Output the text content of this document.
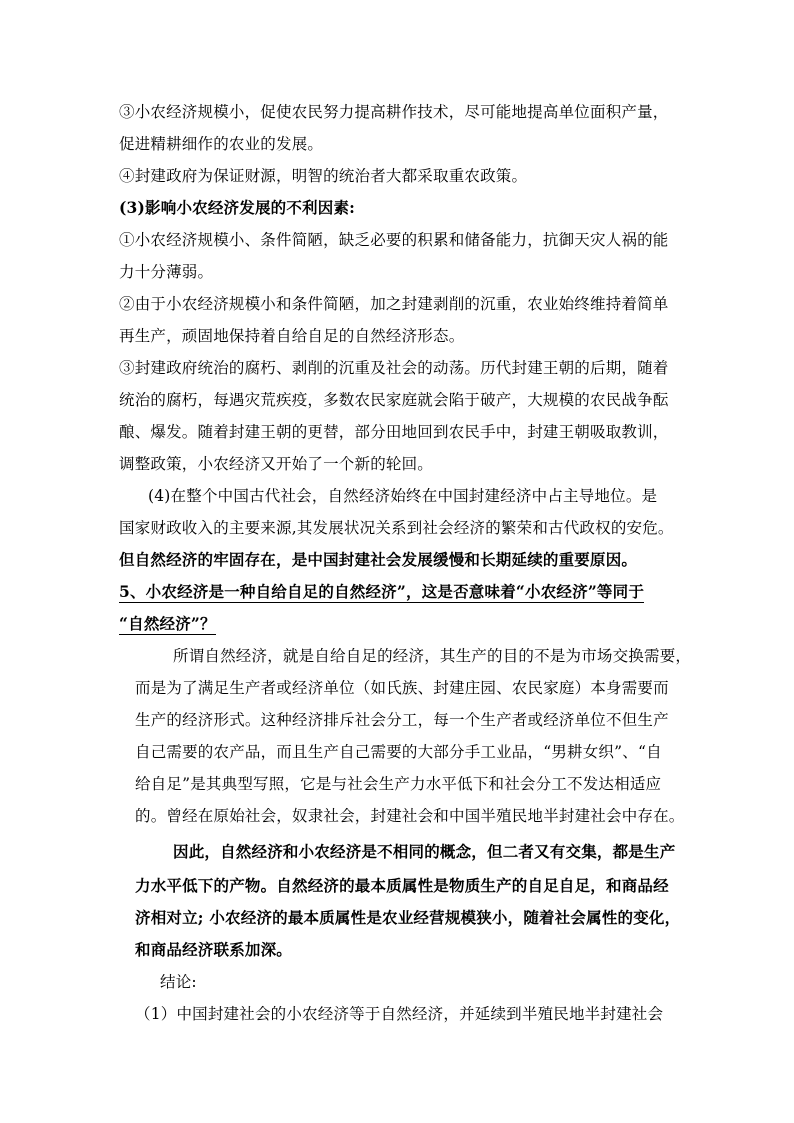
③小农经济规模小，促使农民努力提高耕作技术，尽可能地提高单位面积产量，
促进精耕细作的农业的发展。
④封建政府为保证财源，明智的统治者大都采取重农政策。
(3)影响小农经济发展的不利因素:
①小农经济规模小、条件简陋，缺乏必要的积累和储备能力，抗御天灾人祸的能
力十分薄弱。
②由于小农经济规模小和条件简陋，加之封建剥削的沉重，农业始终维持着简单
再生产，顽固地保持着自给自足的自然经济形态。
③封建政府统治的腐朽、剥削的沉重及社会的动荡。历代封建王朝的后期，随着
统治的腐朽，每遇灾荒疾疫，多数农民家庭就会陷于破产，大规模的农民战争酝
酿、爆发。随着封建王朝的更替，部分田地回到农民手中，封建王朝吸取教训，
调整政策，小农经济又开始了一个新的轮回。
(4)在整个中国古代社会，自然经济始终在中国封建经济中占主导地位。是
国家财政收入的主要来源,其发展状况关系到社会经济的繁荣和古代政权的安危。
但自然经济的牢固存在，是中国封建社会发展缓慢和长期延续的重要原因。
5、小农经济是一种自给自足的自然经济”，这是否意味着“小农经济”等同于
“自然经济”？
所谓自然经济，就是自给自足的经济，其生产的目的不是为市场交换需要，
而是为了满足生产者或经济单位（如氏族、封建庄园、农民家庭）本身需要而
生产的经济形式。这种经济排斥社会分工，每一个生产者或经济单位不但生产
自己需要的农产品，而且生产自己需要的大部分手工业品，“男耕女织”、“自
给自足”是其典型写照，它是与社会生产力水平低下和社会分工不发达相适应
的。曾经在原始社会，奴隶社会，封建社会和中国半殖民地半封建社会中存在。
因此，自然经济和小农经济是不相同的概念，但二者又有交集，都是生产
力水平低下的产物。自然经济的最本质属性是物质生产的自足自足，和商品经
济相对立; 小农经济的最本质属性是农业经营规模狭小，随着社会属性的变化，
和商品经济联系加深。
结论:
（1）中国封建社会的小农经济等于自然经济，并延续到半殖民地半封建社会
